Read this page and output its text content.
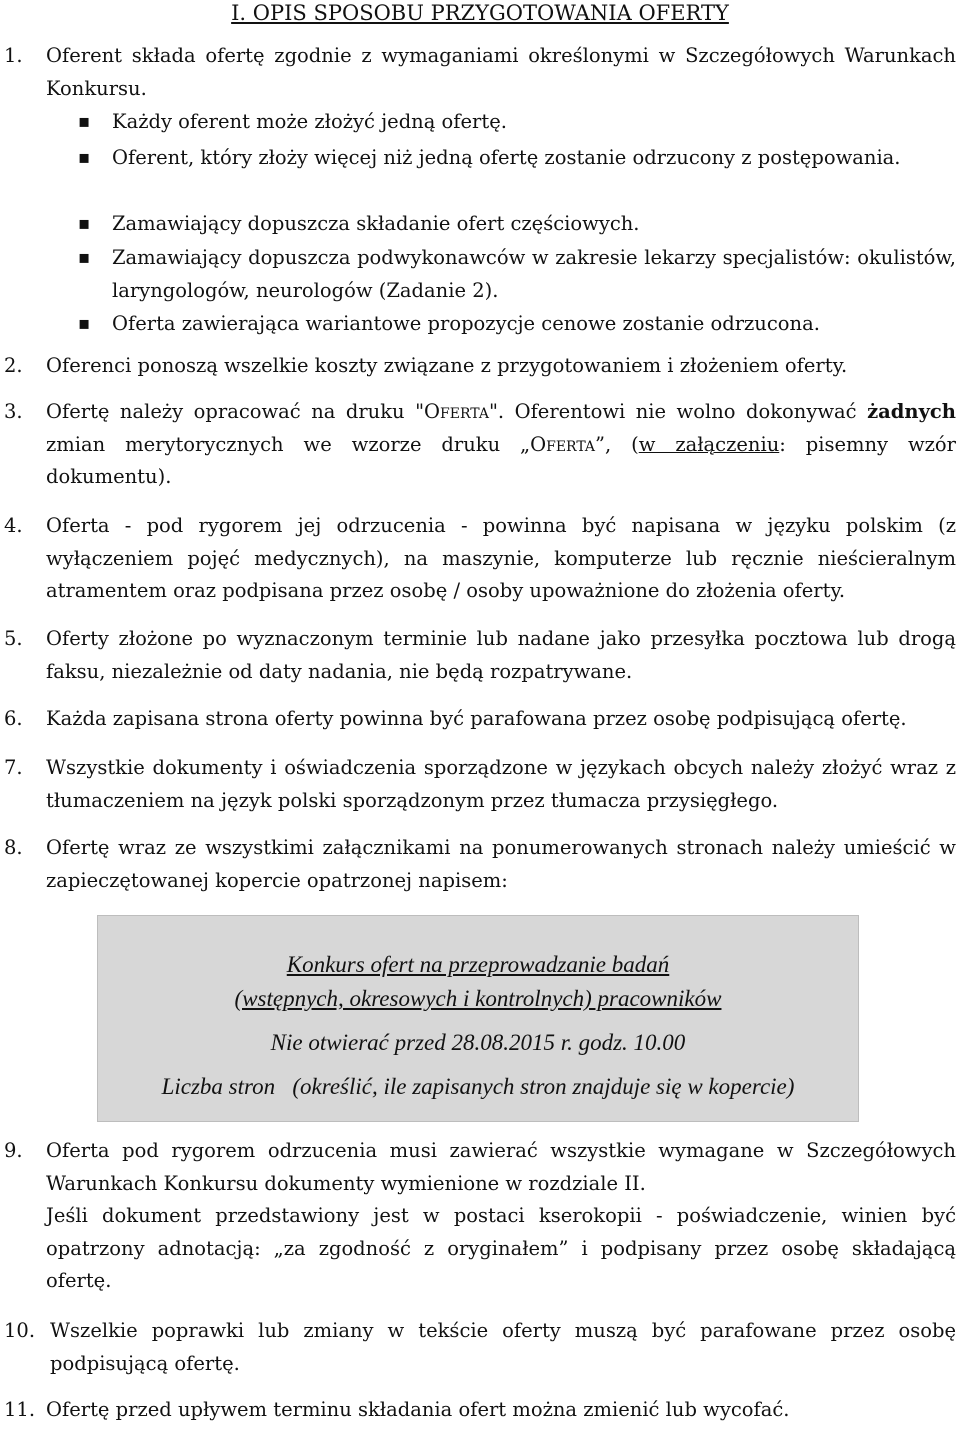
I. OPIS SPOSOBU PRZYGOTOWANIA OFERTY
1. Oferent składa ofertę zgodnie z wymaganiami określonymi w Szczegółowych Warunkach Konkursu.
▪ Każdy oferent może złożyć jedną ofertę.
▪ Oferent, który złoży więcej niż jedną ofertę zostanie odrzucony z postępowania.
▪ Zamawiający dopuszcza składanie ofert częściowych.
▪ Zamawiający dopuszcza podwykonawców w zakresie lekarzy specjalistów: okulistów, laryngologów, neurologów (Zadanie 2).
▪ Oferta zawierająca wariantowe propozycje cenowe zostanie odrzucona.
2. Oferenci ponoszą wszelkie koszty związane z przygotowaniem i złożeniem oferty.
3. Ofertę należy opracować na druku "Oferta". Oferentowi nie wolno dokonywać żadnych zmian merytorycznych we wzorze druku „Oferta”, (w załączeniu: pisemny wzór dokumentu).
4. Oferta - pod rygorem jej odrzucenia - powinna być napisana w języku polskim (z wyłączeniem pojęć medycznych), na maszynie, komputerze lub ręcznie nieścieralnym atramentem oraz podpisana przez osobę / osoby upoważnione do złożenia oferty.
5. Oferty złożone po wyznaczonym terminie lub nadane jako przesyłka pocztowa lub drogą faksu, niezależnie od daty nadania, nie będą rozpatrywane.
6. Każda zapisana strona oferty powinna być parafowana przez osobę podpisującą ofertę.
7. Wszystkie dokumenty i oświadczenia sporządzone w językach obcych należy złożyć wraz z tłumaczeniem na język polski sporządzonym przez tłumacza przysięgłego.
8. Ofertę wraz ze wszystkimi załącznikami na ponumerowanych stronach należy umieścić w zapieczętowanej kopercie opatrzonej napisem:
Konkurs ofert na przeprowadzanie badań
(wstępnych, okresowych i kontrolnych) pracowników
Nie otwierać przed 28.08.2015 r. godz. 10.00
Liczba stron (określić, ile zapisanych stron znajduje się w kopercie)
9. Oferta pod rygorem odrzucenia musi zawierać wszystkie wymagane w Szczegółowych Warunkach Konkursu dokumenty wymienione w rozdziale II.
Jeśli dokument przedstawiony jest w postaci kserokopii - poświadczenie, winien być opatrzony adnotacją: „za zgodność z oryginałem” i podpisany przez osobę składającą ofertę.
10. Wszelkie poprawki lub zmiany w tekście oferty muszą być parafowane przez osobę podpisującą ofertę.
11. Ofertę przed upływem terminu składania ofert można zmienić lub wycofać.
